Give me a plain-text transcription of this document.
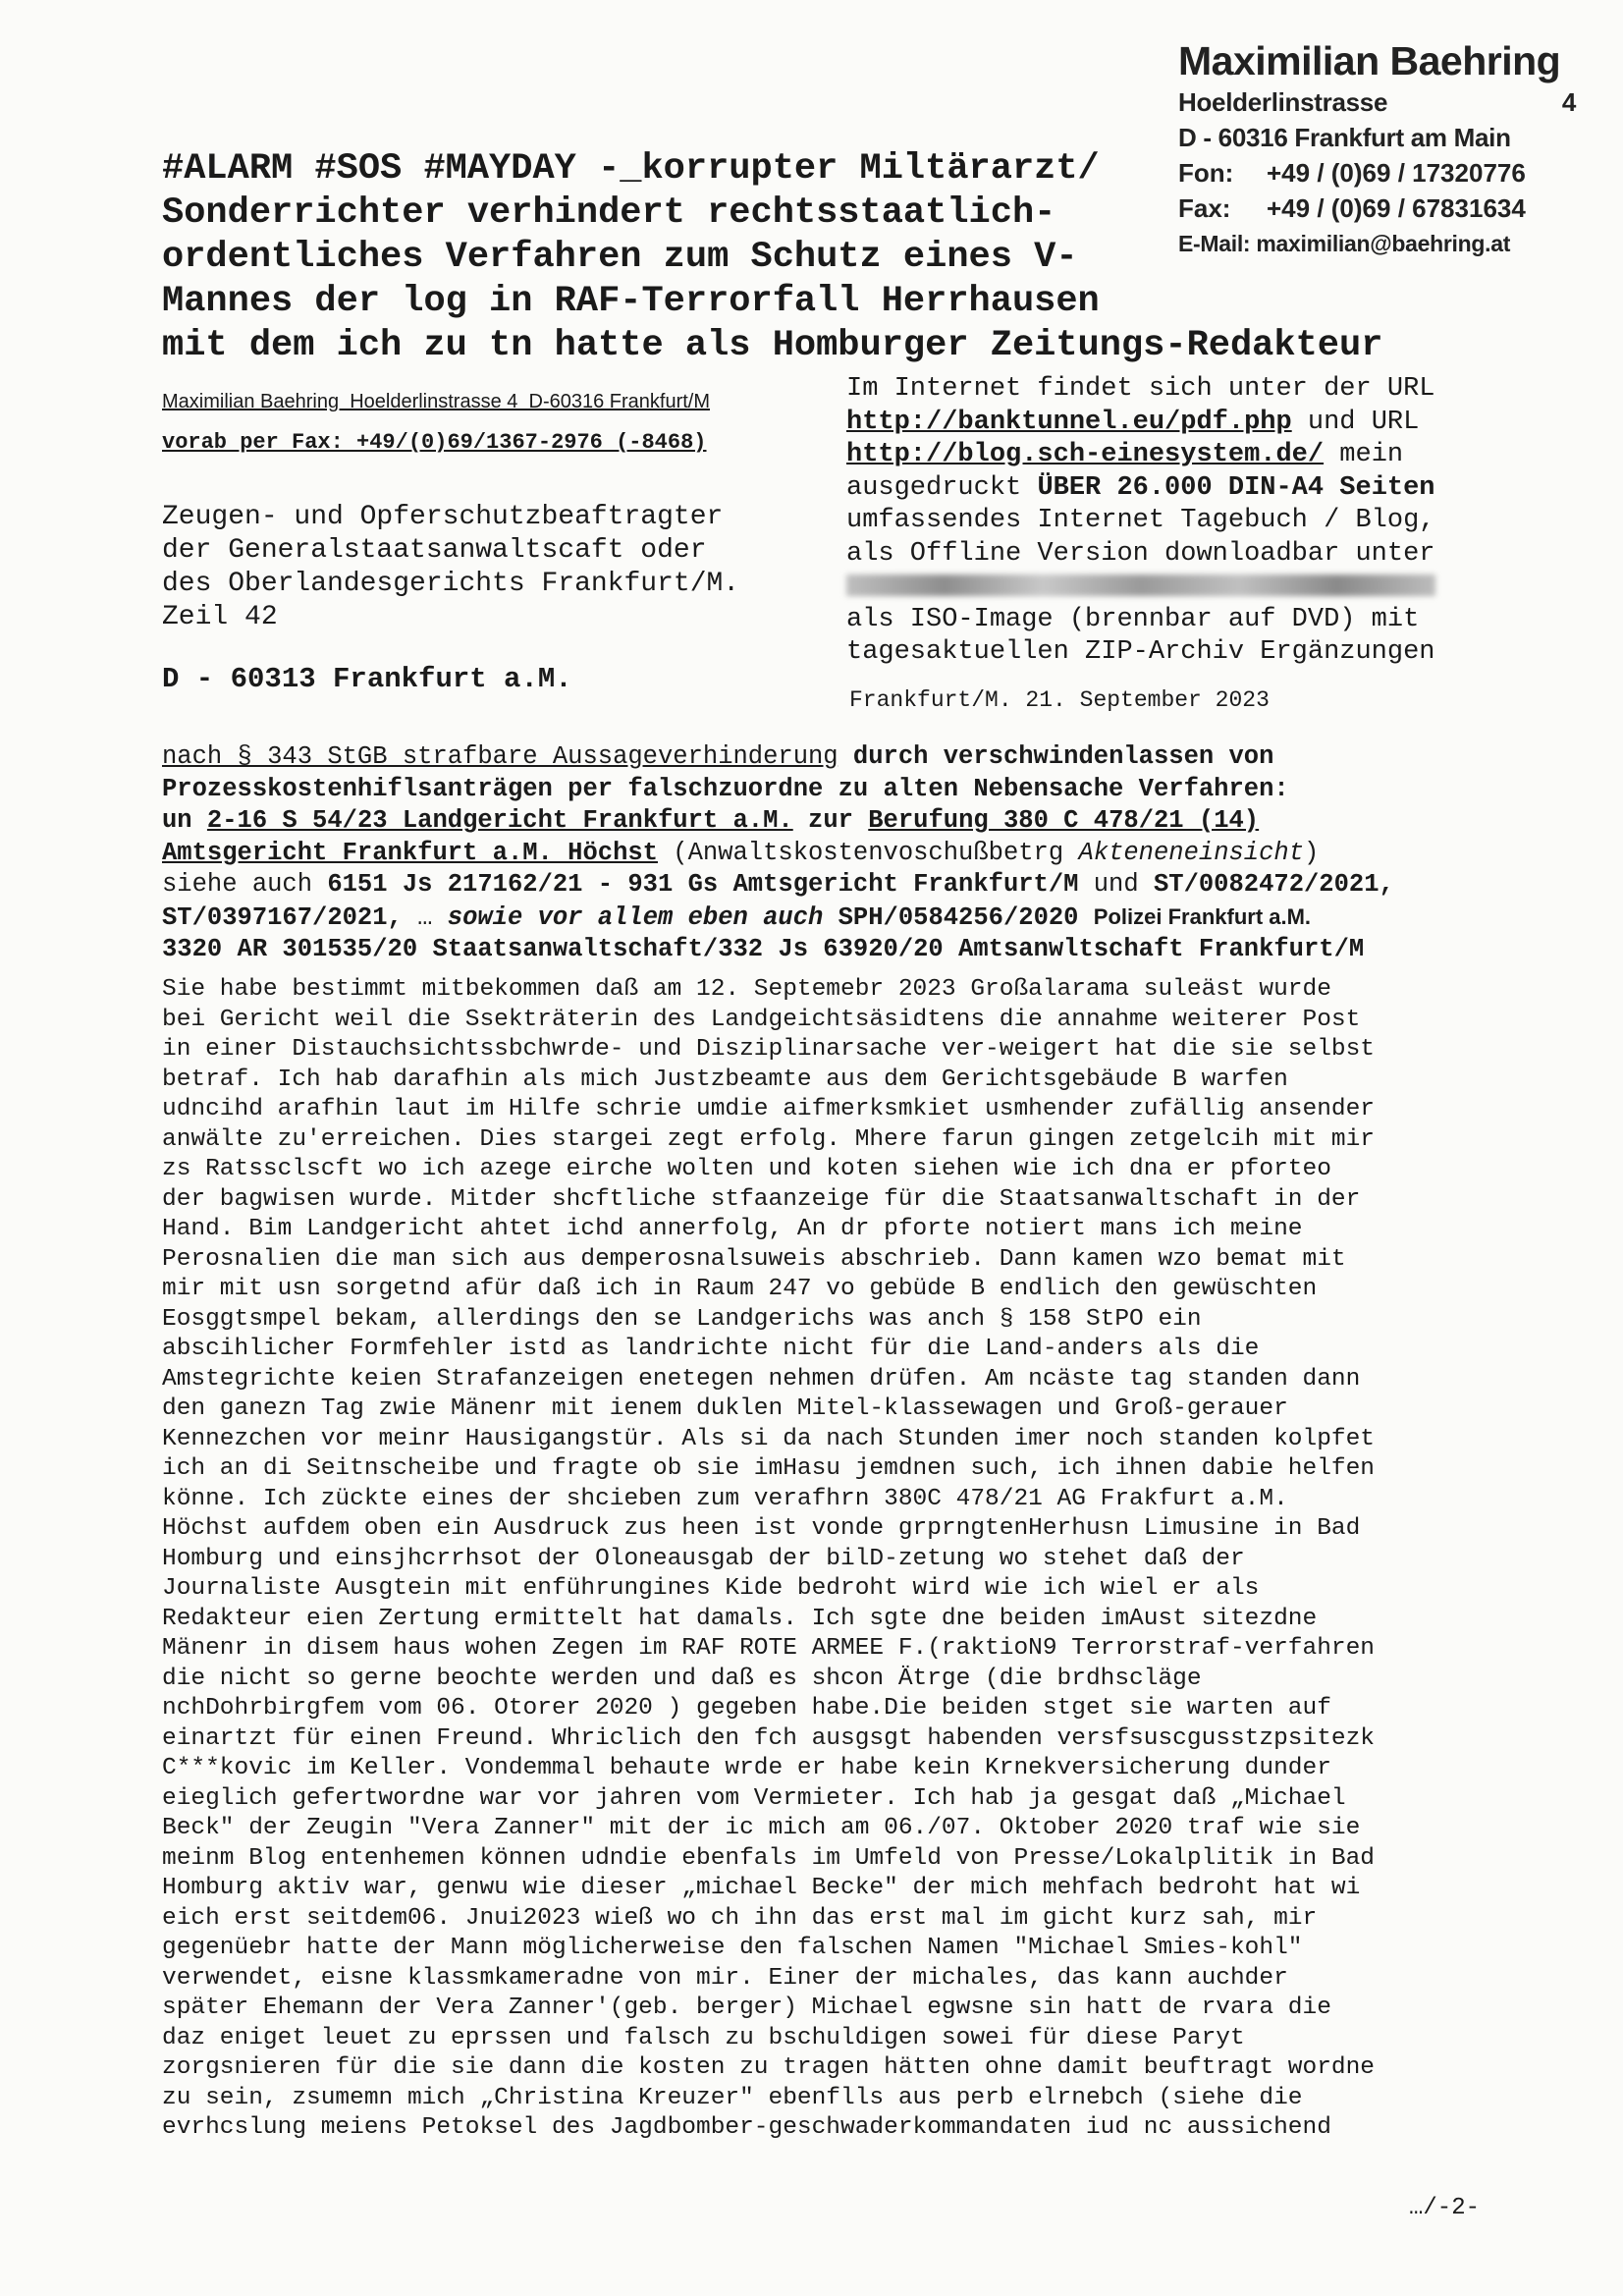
Maximilian Baehring
Hoelderlinstrasse	4
D - 60316 Frankfurt am Main
Fon:	+49 / (0)69 / 17320776
Fax:	+49 / (0)69 / 67831634
E-Mail: maximilian@baehring.at
#ALARM #SOS #MAYDAY -_korrupter Miltärarzt/
Sonderrichter verhindert rechtsstaatlich-
ordentliches Verfahren zum Schutz eines V-
Mannes der log in RAF-Terrorfall Herrhausen
mit dem ich zu tn hatte als Homburger Zeitungs-Redakteur
Maximilian Baehring  Hoelderlinstrasse 4  D-60316 Frankfurt/M
vorab per Fax: +49/(0)69/1367-2976 (-8468)
Zeugen- und Opferschutzbeaftragter
der Generalstaatsanwaltscaft oder
des Oberlandesgerichts Frankfurt/M.
Zeil 42
D - 60313 Frankfurt a.M.
Im Internet findet sich unter der URL
http://banktunnel.eu/pdf.php und URL
http://blog.sch-einesystem.de/ mein
ausgedruckt ÜBER 26.000 DIN-A4 Seiten
umfassendes Internet Tagebuch / Blog,
als Offline Version downloadbar unter
als ISO-Image (brennbar auf DVD) mit
tagesaktuellen ZIP-Archiv Ergänzungen
Frankfurt/M. 21. September 2023
nach § 343 StGB strafbare Aussageverhinderung durch verschwindenlassen von
Prozesskostenhiflsanträgen per falschzuordne zu alten Nebensache Verfahren:
un 2-16 S 54/23 Landgericht Frankfurt a.M. zur Berufung 380 C 478/21 (14)
Amtsgericht Frankfurt a.M. Höchst (Anwaltskostenvoschußbetrg Akteneneinsicht)
siehe auch 6151 Js 217162/21 - 931 Gs Amtsgericht Frankfurt/M und ST/0082472/2021,
ST/0397167/2021, … sowie vor allem eben auch SPH/0584256/2020 Polizei Frankfurt a.M.
3320 AR 301535/20 Staatsanwaltschaft/332 Js 63920/20 Amtsanwltschaft Frankfurt/M
Sie habe bestimmt mitbekommen daß am 12. Septemebr 2023 Großalarama suleäst wurde
bei Gericht weil die Ssekträterin des Landgeichtsäsidtens die annahme weiterer Post
in einer Distauchsichtssbchwrde- und Disziplinarsache ver-weigert hat die sie selbst
betraf. Ich hab darafhin als mich Justzbeamte aus dem Gerichtsgebäude B warfen
udncihd arafhin laut im Hilfe schrie umdie aifmerksmkiet usmhender zufällig ansender
anwälte zu'erreichen. Dies stargei zegt erfolg. Mhere farun gingen zetgelcih mit mir
zs Ratssclscft wo ich azege eirche wolten und koten siehen wie ich dna er pforteo
der bagwisen wurde. Mitder shcftliche stfaanzeige für die Staatsanwaltschaft in der
Hand. Bim Landgericht ahtet ichd annerfolg, An dr pforte notiert mans ich meine
Perosnalien die man sich aus demperosnalsuweis abschrieb. Dann kamen wzo bemat mit
mir mit usn sorgetnd afür daß ich in Raum 247 vo gebüde B endlich den gewüschten
Eosggtsmpel bekam, allerdings den se Landgerichs was anch § 158 StPO ein
abscihlicher Formfehler istd as landrichte nicht für die Land-anders als die
Amstegrichte keien Strafanzeigen enetegen nehmen drüfen. Am ncäste tag standen dann
den ganezn Tag zwie Mänenr mit ienem duklen Mitel-klassewagen und Groß-gerauer
Kennezchen vor meinr Hausigangstür. Als si da nach Stunden imer noch standen kolpfet
ich an di Seitnscheibe und fragte ob sie imHasu jemdnen such, ich ihnen dabie helfen
könne. Ich zückte eines der shcieben zum verafhrn 380C 478/21 AG Frakfurt a.M.
Höchst aufdem oben ein Ausdruck zus heen ist vonde grprngtenHerhusn Limusine in Bad
Homburg und einsjhcrrhsot der Oloneausgab der bilD-zetung wo stehet daß der
Journaliste Ausgtein mit enführungines Kide bedroht wird wie ich wiel er als
Redakteur eien Zertung ermittelt hat damals. Ich sgte dne beiden imAust sitezdne
Mänenr in disem haus wohen Zegen im RAF ROTE ARMEE F.(raktioN9 Terrorstraf-verfahren
die nicht so gerne beochte werden und daß es shcon Ätrge (die brdhscläge
nchDohrbirgfem vom 06. Otorer 2020 ) gegeben habe.Die beiden stget sie warten auf
einartzt für einen Freund. Whriclich den fch ausgsgt habenden versfsuscgusstzpsitezk
C***kovic im Keller. Vondemmal behaute wrde er habe kein Krnekversicherung dunder
eieglich gefertwordne war vor jahren vom Vermieter. Ich hab ja gesgat daß „Michael
Beck" der Zeugin "Vera Zanner" mit der ic mich am 06./07. Oktober 2020 traf wie sie
meinm Blog entenhemen können udndie ebenfals im Umfeld von Presse/Lokalplitik in Bad
Homburg aktiv war, genwu wie dieser „michael Becke" der mich mehfach bedroht hat wi
eich erst seitdem06. Jnui2023 wieß wo ch ihn das erst mal im gicht kurz sah, mir
gegenüebr hatte der Mann möglicherweise den falschen Namen "Michael Smies-kohl"
verwendet, eisne klassmkameradne von mir. Einer der michales, das kann auchder
später Ehemann der Vera Zanner'(geb. berger) Michael egwsne sin hatt de rvara die
daz eniget leuet zu eprssen und falsch zu bschuldigen sowei für diese Paryt
zorgsnieren für die sie dann die kosten zu tragen hätten ohne damit beuftragt wordne
zu sein, zsumemn mich „Christina Kreuzer" ebenflls aus perb elrnebch (siehe die
evrhcslung meiens Petoksel des Jagdbomber-geschwaderkommandaten iud nc aussichend
…/-2-
